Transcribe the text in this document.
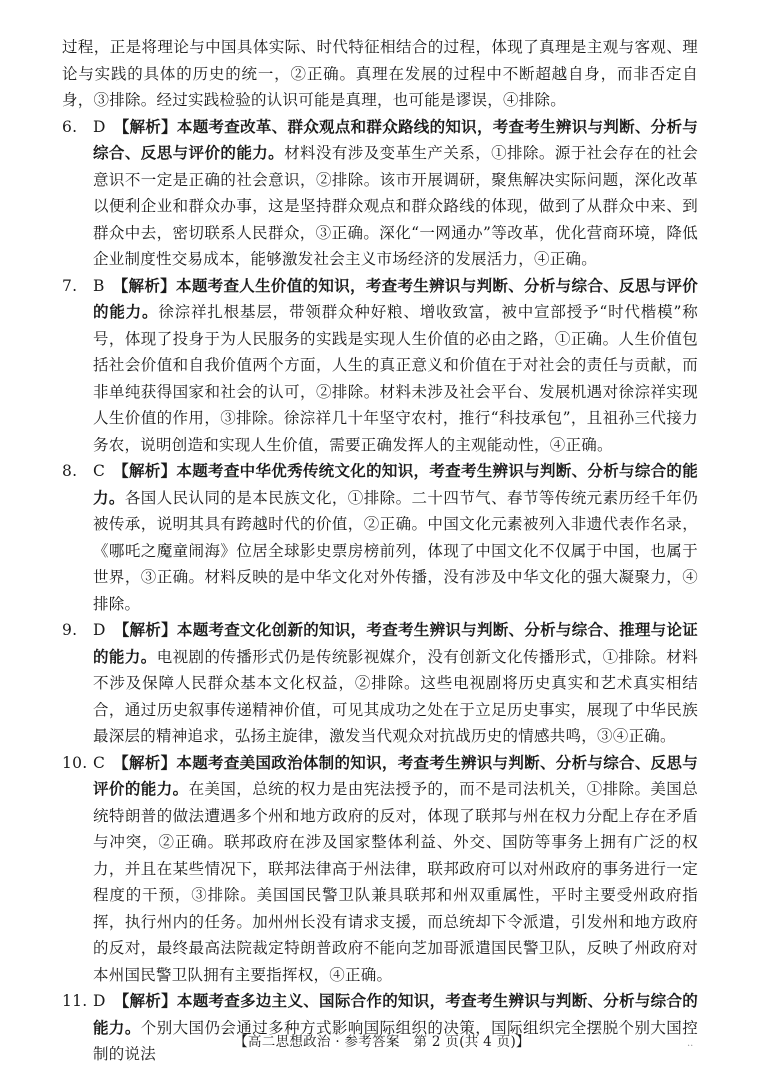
过程，正是将理论与中国具体实际、时代特征相结合的过程，体现了真理是主观与客观、理论与实践的具体的历史的统一，②正确。真理在发展的过程中不断超越自身，而非否定自身，③排除。经过实践检验的认识可能是真理，也可能是谬误，④排除。

6.	D 【解析】本题考查改革、群众观点和群众路线的知识，考查考生辨识与判断、分析与综合、反思与评价的能力。材料没有涉及变革生产关系，①排除。源于社会存在的社会意识不一定是正确的社会意识，②排除。该市开展调研，聚焦解决实际问题，深化改革以便利企业和群众办事，这是坚持群众观点和群众路线的体现，做到了从群众中来、到群众中去，密切联系人民群众，③正确。深化“一网通办”等改革，优化营商环境，降低企业制度性交易成本，能够激发社会主义市场经济的发展活力，④正确。
7.	B 【解析】本题考查人生价值的知识，考查考生辨识与判断、分析与综合、反思与评价的能力。徐淙祥扎根基层，带领群众种好粮、增收致富，被中宣部授予“时代楷模”称号，体现了投身于为人民服务的实践是实现人生价值的必由之路，①正确。人生价值包括社会价值和自我价值两个方面，人生的真正意义和价值在于对社会的责任与贡献，而非单纯获得国家和社会的认可，②排除。材料未涉及社会平台、发展机遇对徐淙祥实现人生价值的作用，③排除。徐淙祥几十年坚守农村，推行“科技承包”，且祖孙三代接力务农，说明创造和实现人生价值，需要正确发挥人的主观能动性，④正确。
8.	C 【解析】本题考查中华优秀传统文化的知识，考查考生辨识与判断、分析与综合的能力。各国人民认同的是本民族文化，①排除。二十四节气、春节等传统元素历经千年仍被传承，说明其具有跨越时代的价值，②正确。中国文化元素被列入非遗代表作名录，《哪吒之魔童闹海》位居全球影史票房榜前列，体现了中国文化不仅属于中国，也属于世界，③正确。材料反映的是中华文化对外传播，没有涉及中华文化的强大凝聚力，④排除。
9.	D 【解析】本题考查文化创新的知识，考查考生辨识与判断、分析与综合、推理与论证的能力。电视剧的传播形式仍是传统影视媒介，没有创新文化传播形式，①排除。材料不涉及保障人民群众基本文化权益，②排除。这些电视剧将历史真实和艺术真实相结合，通过历史叙事传递精神价值，可见其成功之处在于立足历史事实，展现了中华民族最深层的精神追求，弘扬主旋律，激发当代观众对抗战历史的情感共鸣，③④正确。
10. C 【解析】本题考查美国政治体制的知识，考查考生辨识与判断、分析与综合、反思与评价的能力。在美国，总统的权力是由宪法授予的，而不是司法机关，①排除。美国总统特朗普的做法遭遇多个州和地方政府的反对，体现了联邦与州在权力分配上存在矛盾与冲突，②正确。联邦政府在涉及国家整体利益、外交、国防等事务上拥有广泛的权力，并且在某些情况下，联邦法律高于州法律，联邦政府可以对州政府的事务进行一定程度的干预，③排除。美国国民警卫队兼具联邦和州双重属性，平时主要受州政府指挥，执行州内的任务。加州州长没有请求支援，而总统却下令派遣，引发州和地方政府的反对，最终最高法院裁定特朗普政府不能向芝加哥派遣国民警卫队，反映了州政府对本州国民警卫队拥有主要指挥权，④正确。
11. D 【解析】本题考查多边主义、国际合作的知识，考查考生辨识与判断、分析与综合的能力。个别大国仍会通过多种方式影响国际组织的决策，国际组织完全摆脱个别大国控制的说法
【高二思想政治 · 参考答案　第 2 页(共 4 页)】	..
